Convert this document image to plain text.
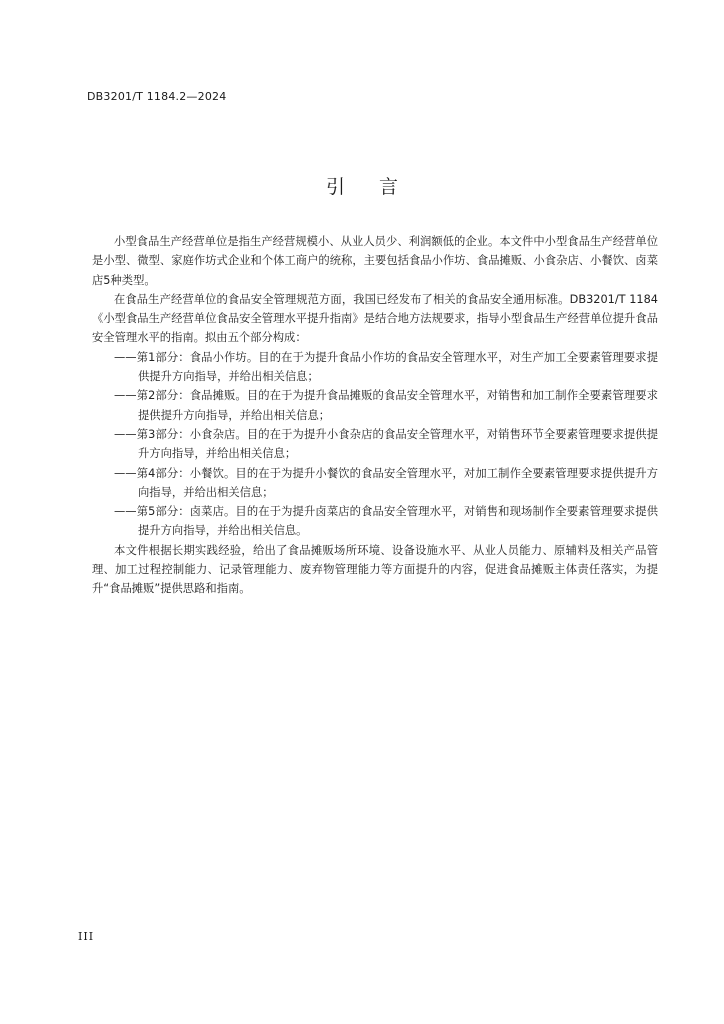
DB3201/T 1184.2—2024
引言

小型食品生产经营单位是指生产经营规模小、从业人员少、利润额低的企业。本文件中小型食品生产经营单位是小型、微型、家庭作坊式企业和个体工商户的统称，主要包括食品小作坊、食品摊贩、小食杂店、小餐饮、卤菜店5种类型。

在食品生产经营单位的食品安全管理规范方面，我国已经发布了相关的食品安全通用标准。DB3201/T 1184《小型食品生产经营单位食品安全管理水平提升指南》是结合地方法规要求，指导小型食品生产经营单位提升食品安全管理水平的指南。拟由五个部分构成：

——第1部分：食品小作坊。目的在于为提升食品小作坊的食品安全管理水平，对生产加工全要素管理要求提供提升方向指导，并给出相关信息；
——第2部分：食品摊贩。目的在于为提升食品摊贩的食品安全管理水平，对销售和加工制作全要素管理要求提供提升方向指导，并给出相关信息；
——第3部分：小食杂店。目的在于为提升小食杂店的食品安全管理水平，对销售环节全要素管理要求提供提升方向指导，并给出相关信息；
——第4部分：小餐饮。目的在于为提升小餐饮的食品安全管理水平，对加工制作全要素管理要求提供提升方向指导，并给出相关信息；
——第5部分：卤菜店。目的在于为提升卤菜店的食品安全管理水平，对销售和现场制作全要素管理要求提供提升方向指导，并给出相关信息。

本文件根据长期实践经验，给出了食品摊贩场所环境、设备设施水平、从业人员能力、原辅料及相关产品管理、加工过程控制能力、记录管理能力、废弃物管理能力等方面提升的内容，促进食品摊贩主体责任落实，为提升“食品摊贩”提供思路和指南。

III
